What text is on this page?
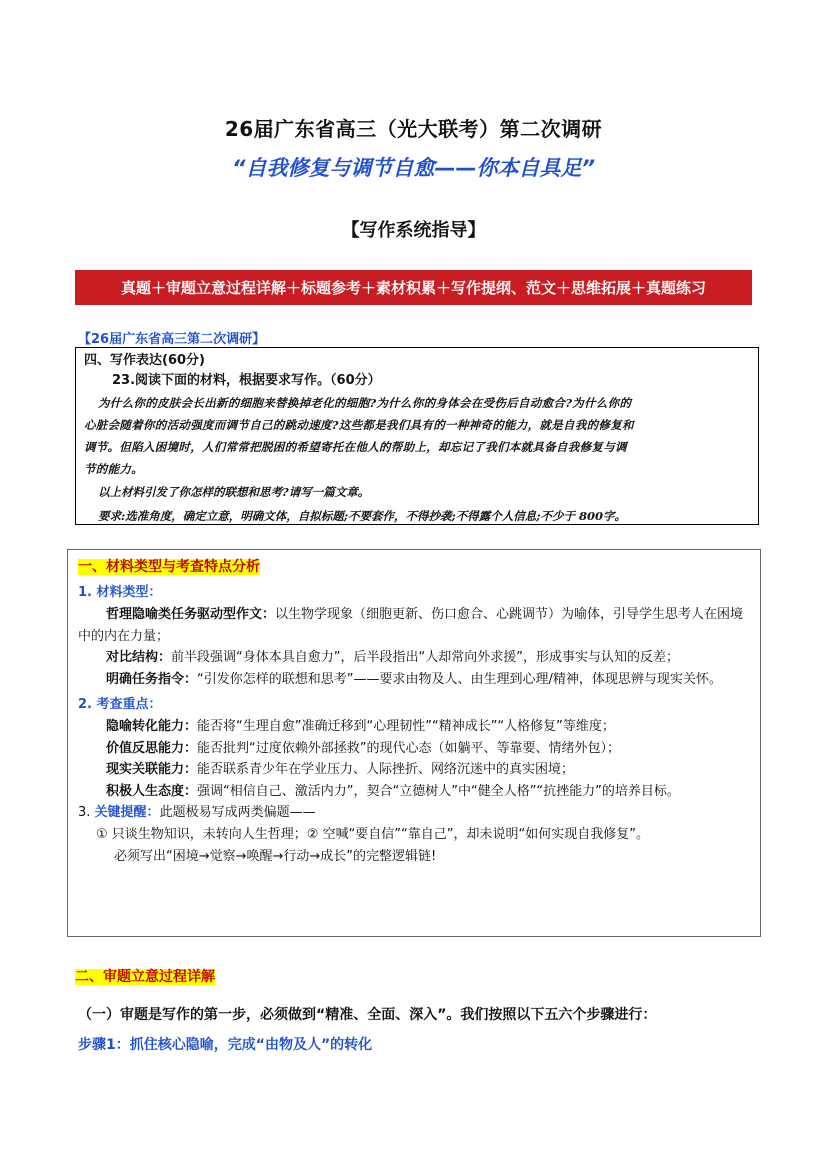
26届广东省高三（光大联考）第二次调研
“自我修复与调节自愈——你本自具足”
【写作系统指导】
真题＋审题立意过程详解＋标题参考＋素材积累＋写作提纲、范文＋思维拓展＋真题练习
【26届广东省高三第二次调研】
四、写作表达(60分)
23.阅读下面的材料，根据要求写作。（60分）
为什么你的皮肤会长出新的细胞来替换掉老化的细胞?为什么你的身体会在受伤后自动愈合?为什么你的
心脏会随着你的活动强度而调节自己的跳动速度?这些都是我们具有的一种神奇的能力，就是自我的修复和
调节。但陷入困境时，人们常常把脱困的希望寄托在他人的帮助上，却忘记了我们本就具备自我修复与调
节的能力。
以上材料引发了你怎样的联想和思考?请写一篇文章。
要求:选准角度，确定立意，明确文体，自拟标题;不要套作，不得抄袭;不得露个人信息;不少于 800字。
一、材料类型与考查特点分析
1. 材料类型：

哲理隐喻类任务驱动型作文：以生物学现象（细胞更新、伤口愈合、心跳调节）为喻体，引导学生思考人在困境中的内在力量；

对比结构：前半段强调“身体本具自愈力”，后半段指出“人却常向外求援”，形成事实与认知的反差；

明确任务指令：“引发你怎样的联想和思考”——要求由物及人、由生理到心理/精神，体现思辨与现实关怀。

2. 考查重点：

隐喻转化能力：能否将“生理自愈”准确迁移到“心理韧性”“精神成长”“人格修复”等维度；

价值反思能力：能否批判“过度依赖外部拯救”的现代心态（如躺平、等靠要、情绪外包）；

现实关联能力：能否联系青少年在学业压力、人际挫折、网络沉迷中的真实困境；

积极人生态度：强调“相信自己、激活内力”，契合“立德树人”中“健全人格”“抗挫能力”的培养目标。

3. 关键提醒：此题极易写成两类偏题——
① 只谈生物知识，未转向人生哲理；② 空喊“要自信”“靠自己”，却未说明“如何实现自我修复”。
必须写出“困境→觉察→唤醒→行动→成长”的完整逻辑链!
二、审题立意过程详解
（一）审题是写作的第一步，必须做到“精准、全面、深入”。我们按照以下五六个步骤进行：
步骤1：抓住核心隐喻，完成“由物及人”的转化
